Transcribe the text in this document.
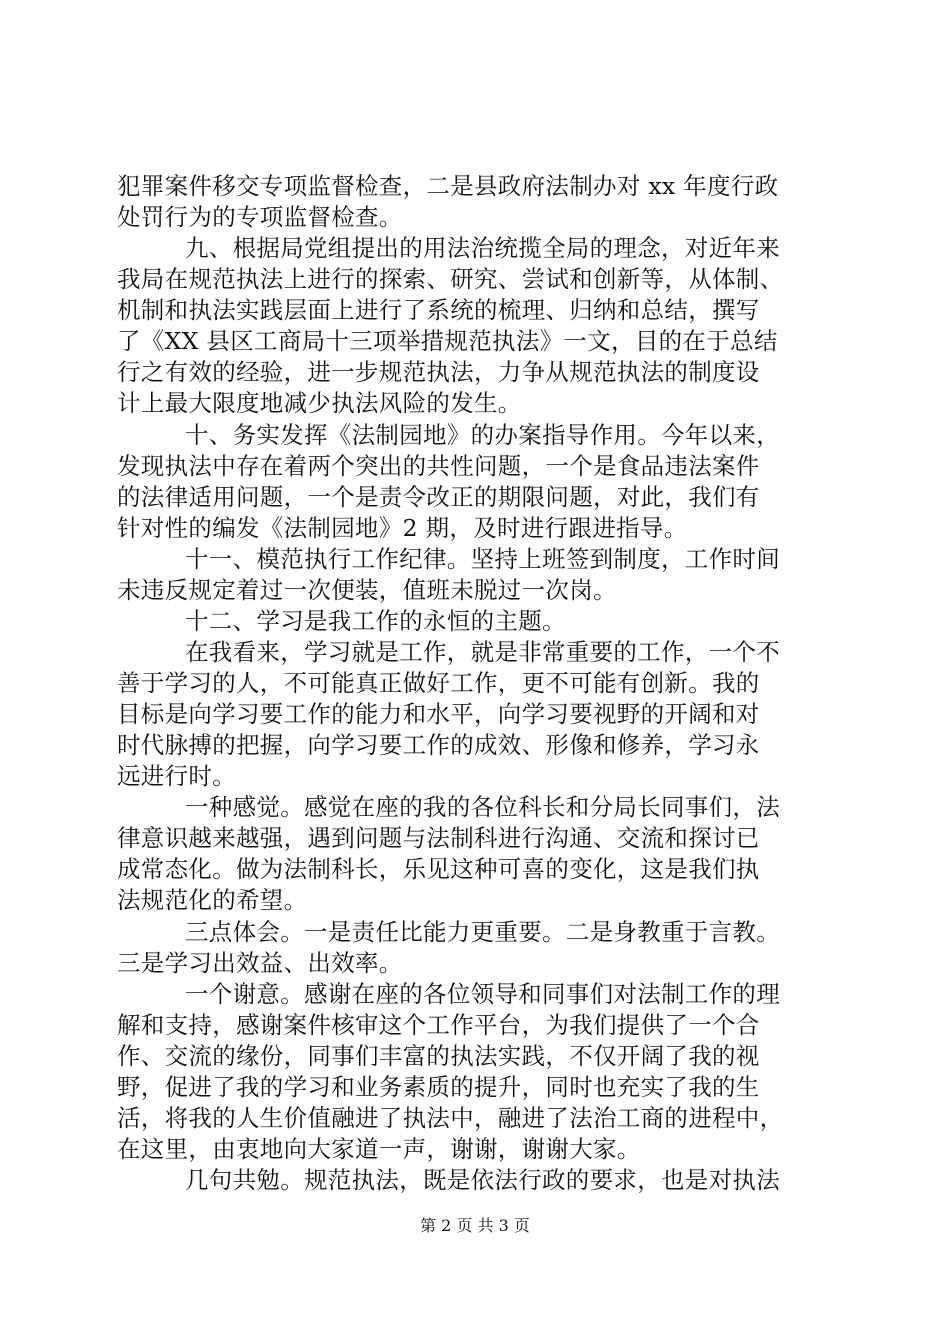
犯罪案件移交专项监督检查，二是县政府法制办对 xx 年度行政
处罚行为的专项监督检查。
九、根据局党组提出的用法治统揽全局的理念，对近年来
我局在规范执法上进行的探索、研究、尝试和创新等，从体制、
机制和执法实践层面上进行了系统的梳理、归纳和总结，撰写
了《XX 县区工商局十三项举措规范执法》一文，目的在于总结
行之有效的经验，进一步规范执法，力争从规范执法的制度设
计上最大限度地减少执法风险的发生。
十、务实发挥《法制园地》的办案指导作用。今年以来，
发现执法中存在着两个突出的共性问题，一个是食品违法案件
的法律适用问题，一个是责令改正的期限问题，对此，我们有
针对性的编发《法制园地》2 期，及时进行跟进指导。
十一、模范执行工作纪律。坚持上班签到制度，工作时间
未违反规定着过一次便装，值班未脱过一次岗。
十二、学习是我工作的永恒的主题。
在我看来，学习就是工作，就是非常重要的工作，一个不
善于学习的人，不可能真正做好工作，更不可能有创新。我的
目标是向学习要工作的能力和水平，向学习要视野的开阔和对
时代脉搏的把握，向学习要工作的成效、形像和修养，学习永
远进行时。
一种感觉。感觉在座的我的各位科长和分局长同事们，法
律意识越来越强，遇到问题与法制科进行沟通、交流和探讨已
成常态化。做为法制科长，乐见这种可喜的变化，这是我们执
法规范化的希望。
三点体会。一是责任比能力更重要。二是身教重于言教。
三是学习出效益、出效率。
一个谢意。感谢在座的各位领导和同事们对法制工作的理
解和支持，感谢案件核审这个工作平台，为我们提供了一个合
作、交流的缘份，同事们丰富的执法实践，不仅开阔了我的视
野，促进了我的学习和业务素质的提升，同时也充实了我的生
活，将我的人生价值融进了执法中，融进了法治工商的进程中，
在这里，由衷地向大家道一声，谢谢，谢谢大家。
几句共勉。规范执法，既是依法行政的要求，也是对执法
第 2 页 共 3 页
